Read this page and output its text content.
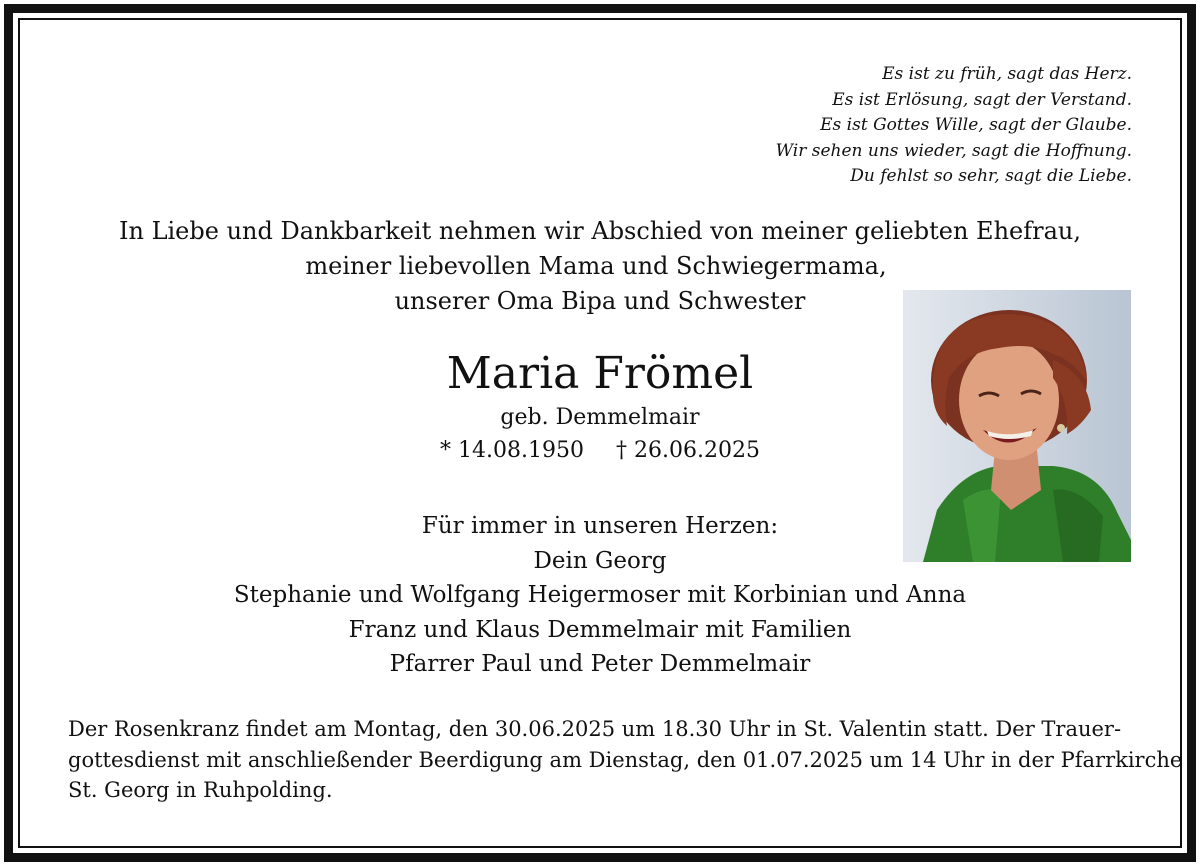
Es ist zu früh, sagt das Herz.
Es ist Erlösung, sagt der Verstand.
Es ist Gottes Wille, sagt der Glaube.
Wir sehen uns wieder, sagt die Hoffnung.
Du fehlst so sehr, sagt die Liebe.
In Liebe und Dankbarkeit nehmen wir Abschied von meiner geliebten Ehefrau,
meiner liebevollen Mama und Schwiegermama,
unserer Oma Bipa und Schwester
Maria Frömel
geb. Demmelmair
* 14.08.1950 † 26.06.2025
Für immer in unseren Herzen:
Dein Georg
Stephanie und Wolfgang Heigermoser mit Korbinian und Anna
Franz und Klaus Demmelmair mit Familien
Pfarrer Paul und Peter Demmelmair
Der Rosenkranz findet am Montag, den 30.06.2025 um 18.30 Uhr in St. Valentin statt. Der Trauer-
gottesdienst mit anschließender Beerdigung am Dienstag, den 01.07.2025 um 14 Uhr in der Pfarrkirche
St. Georg in Ruhpolding.
